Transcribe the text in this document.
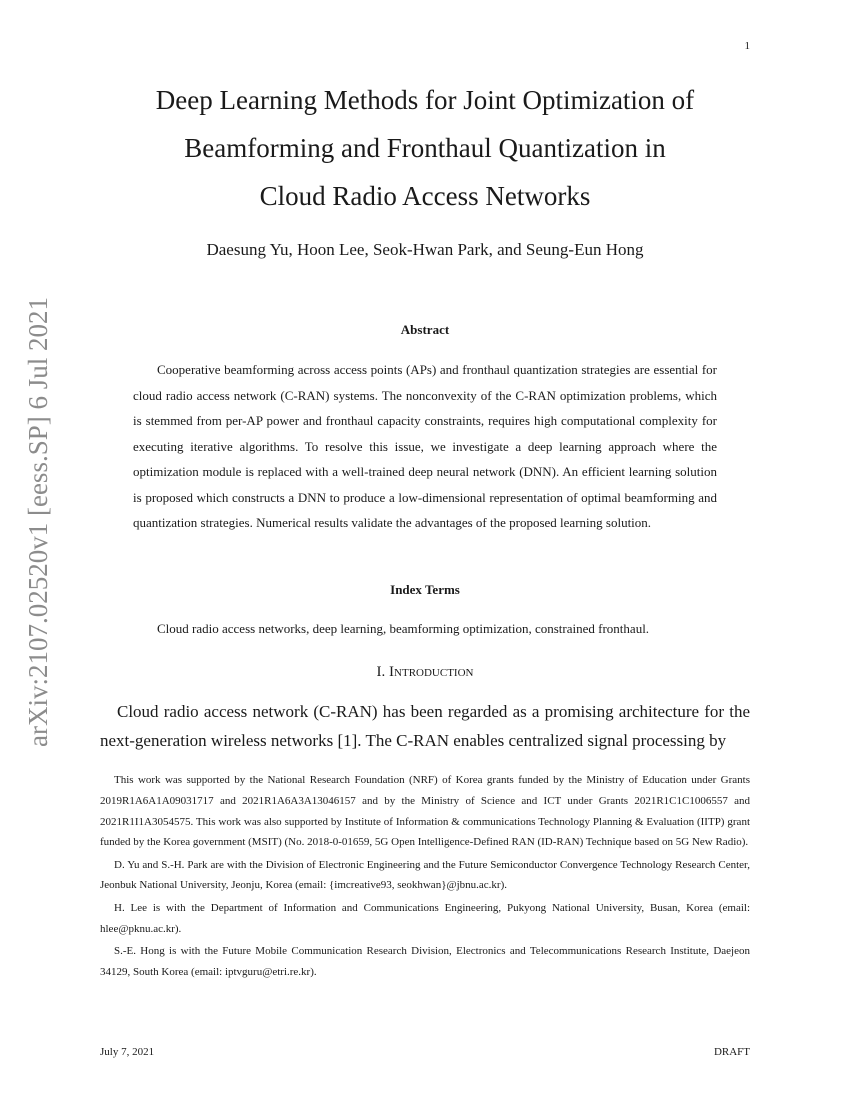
1
arXiv:2107.02520v1 [eess.SP] 6 Jul 2021
Deep Learning Methods for Joint Optimization of
Beamforming and Fronthaul Quantization in
Cloud Radio Access Networks
Daesung Yu, Hoon Lee, Seok-Hwan Park, and Seung-Eun Hong
Abstract

Cooperative beamforming across access points (APs) and fronthaul quantization strategies are essential for cloud radio access network (C-RAN) systems. The nonconvexity of the C-RAN optimization problems, which is stemmed from per-AP power and fronthaul capacity constraints, requires high computational complexity for executing iterative algorithms. To resolve this issue, we investigate a deep learning approach where the optimization module is replaced with a well-trained deep neural network (DNN). An efficient learning solution is proposed which constructs a DNN to produce a low-dimensional representation of optimal beamforming and quantization strategies. Numerical results validate the advantages of the proposed learning solution.

Index Terms

Cloud radio access networks, deep learning, beamforming optimization, constrained fronthaul.

I. Introduction

Cloud radio access network (C-RAN) has been regarded as a promising architecture for the next-generation wireless networks [1]. The C-RAN enables centralized signal processing by

This work was supported by the National Research Foundation (NRF) of Korea grants funded by the Ministry of Education under Grants 2019R1A6A1A09031717 and 2021R1A6A3A13046157 and by the Ministry of Science and ICT under Grants 2021R1C1C1006557 and 2021R1I1A3054575. This work was also supported by Institute of Information & communications Technology Planning & Evaluation (IITP) grant funded by the Korea government (MSIT) (No. 2018-0-01659, 5G Open Intelligence-Defined RAN (ID-RAN) Technique based on 5G New Radio).

D. Yu and S.-H. Park are with the Division of Electronic Engineering and the Future Semiconductor Convergence Technology Research Center, Jeonbuk National University, Jeonju, Korea (email: {imcreative93, seokhwan}@jbnu.ac.kr).

H. Lee is with the Department of Information and Communications Engineering, Pukyong National University, Busan, Korea (email: hlee@pknu.ac.kr).

S.-E. Hong is with the Future Mobile Communication Research Division, Electronics and Telecommunications Research Institute, Daejeon 34129, South Korea (email: iptvguru@etri.re.kr).

July 7, 2021	DRAFT
